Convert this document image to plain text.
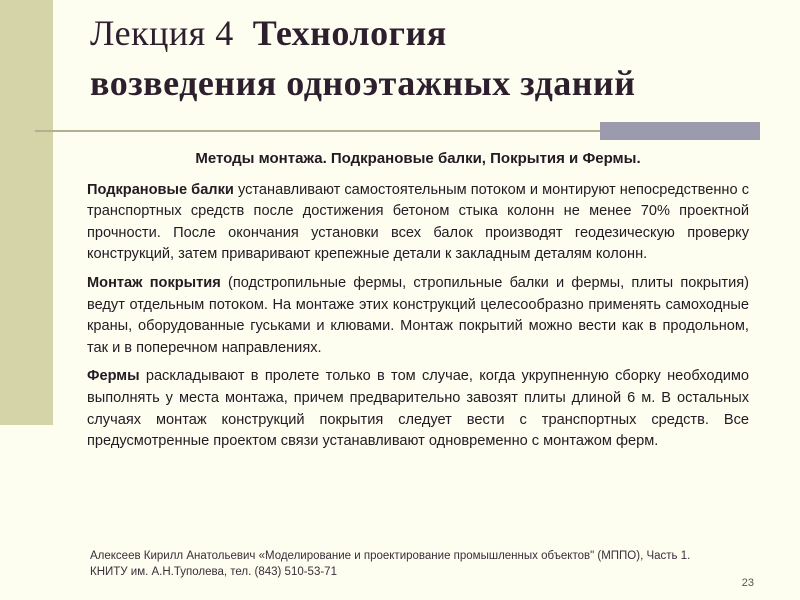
Лекция 4 Технология
возведения одноэтажных зданий

Методы монтажа. Подкрановые балки, Покрытия и Фермы.

Подкрановые балки устанавливают самостоятельным потоком и монтируют непосредственно с транспортных средств после достижения бетоном стыка колонн не менее 70% проектной прочности. После окончания установки всех балок производят геодезическую проверку конструкций, затем приваривают крепежные детали к закладным деталям колонн.

Монтаж покрытия (подстропильные фермы, стропильные балки и фермы, плиты покрытия) ведут отдельным потоком. На монтаже этих конструкций целесообразно применять самоходные краны, оборудованные гуськами и клювами. Монтаж покрытий можно вести как в продольном, так и в поперечном направлениях.

Фермы раскладывают в пролете только в том случае, когда укрупненную сборку необходимо выполнять у места монтажа, причем предварительно завозят плиты длиной 6 м. В остальных случаях монтаж конструкций покрытия следует вести с транспортных средств. Все предусмотренные проектом связи устанавливают одновременно с монтажом ферм.

Алексеев Кирилл Анатольевич «Моделирование и проектирование промышленных объектов" (МППО), Часть 1.
КНИТУ им. А.Н.Туполева, тел. (843) 510-53-71
23
